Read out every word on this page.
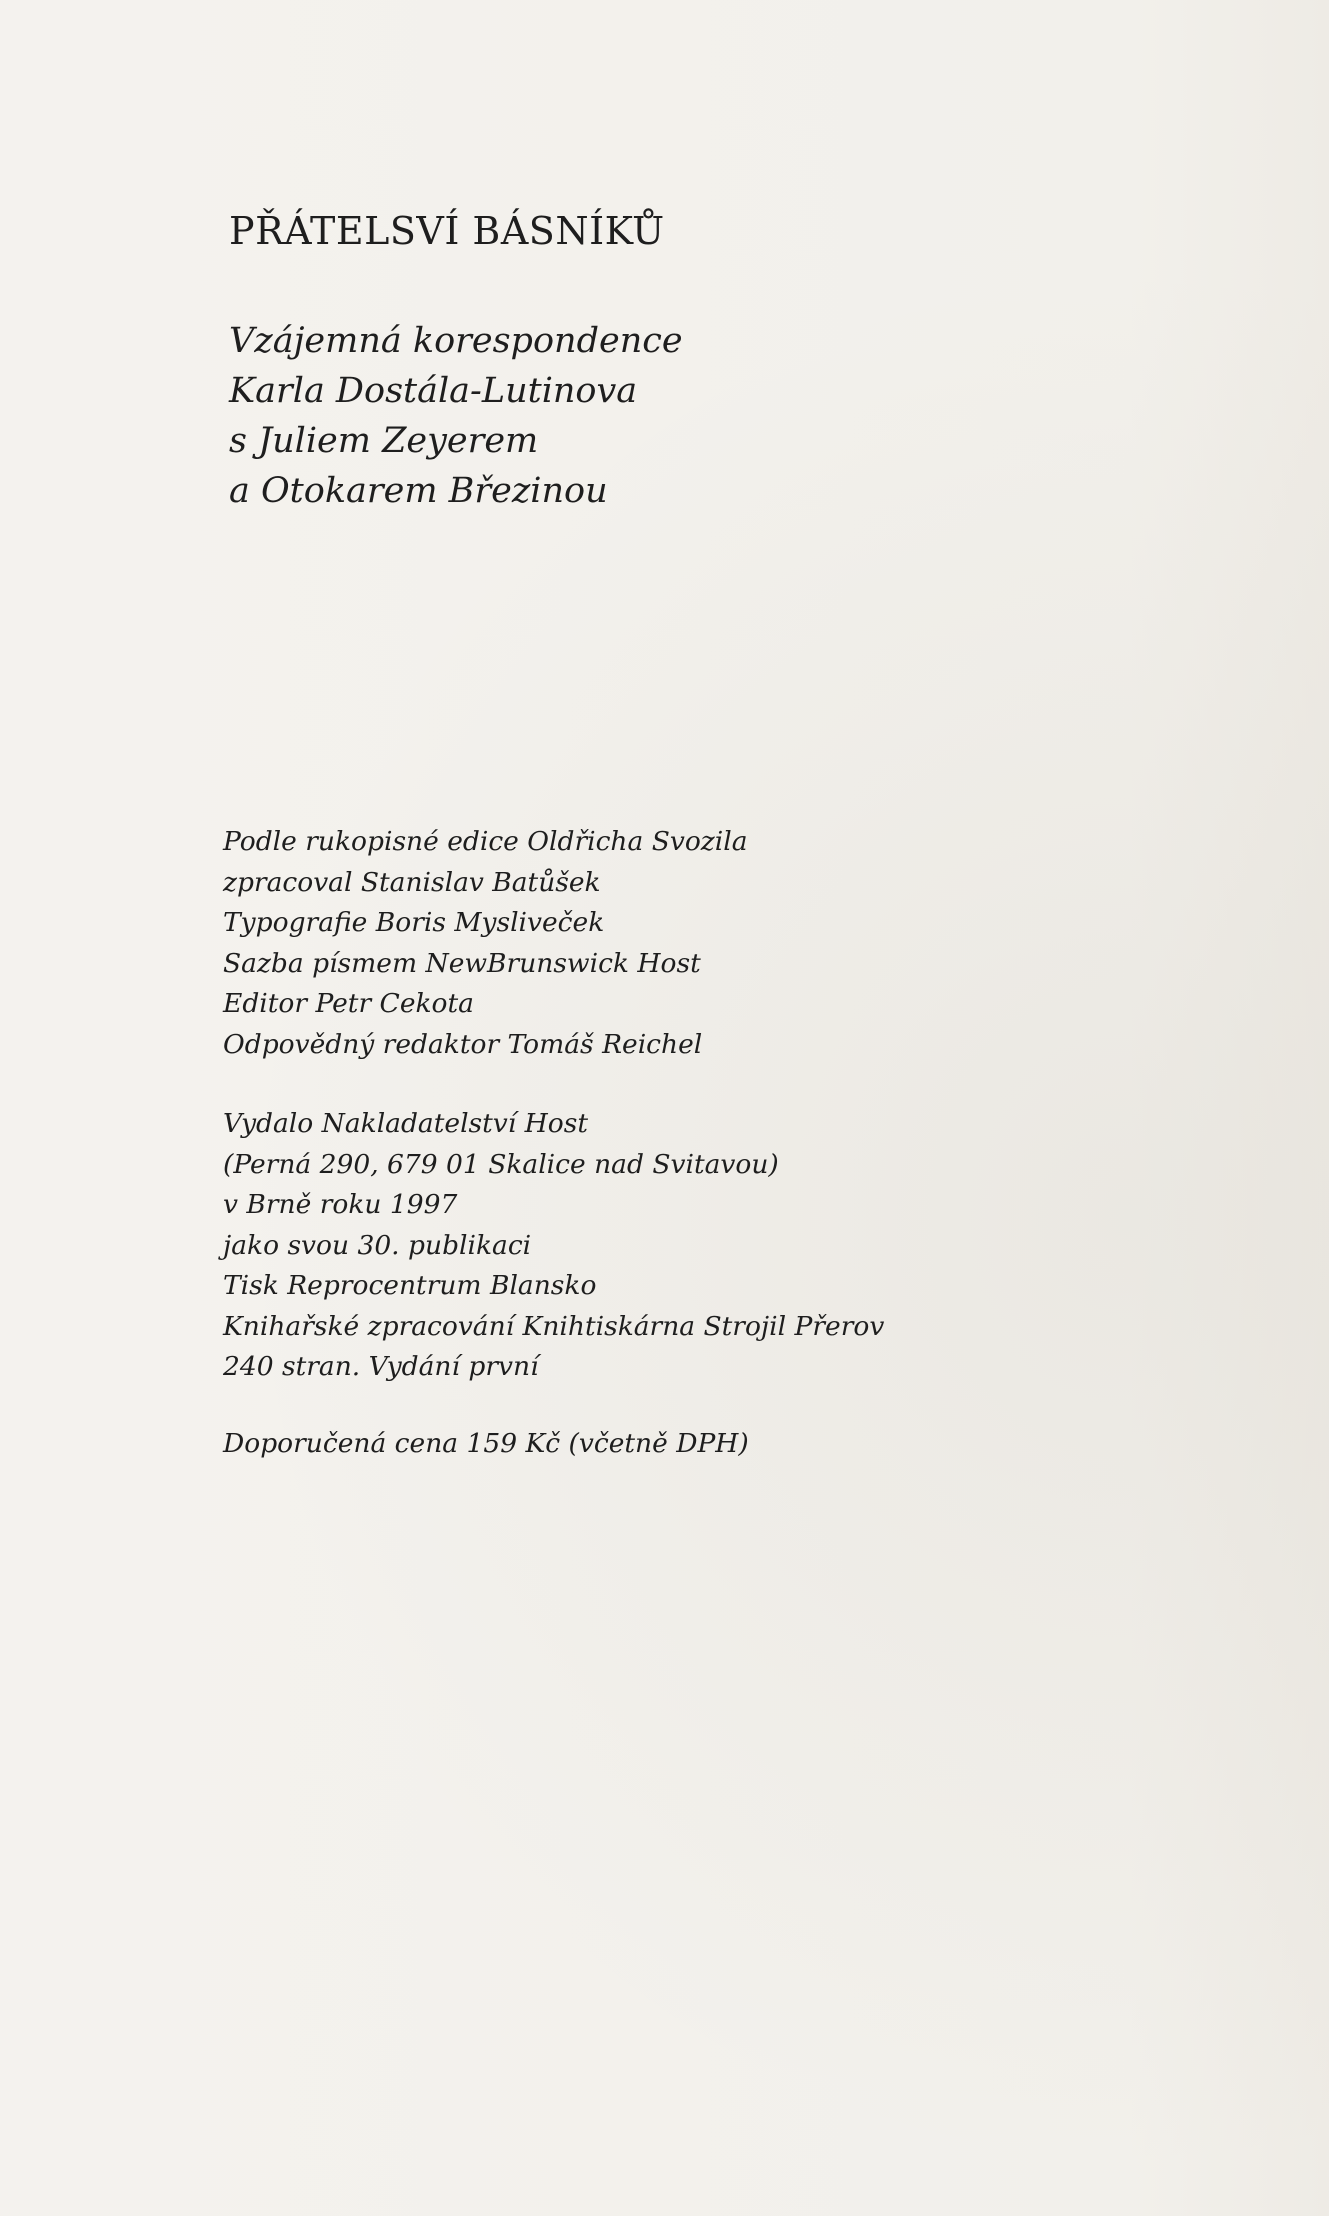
PŘÁTELSVÍ BÁSNÍKŮ
Vzájemná korespondence
Karla Dostála-Lutinova
s Juliem Zeyerem
a Otokarem Březinou
Podle rukopisné edice Oldřicha Svozila
zpracoval Stanislav Batůšek
Typografie Boris Mysliveček
Sazba písmem NewBrunswick Host
Editor Petr Cekota
Odpovědný redaktor Tomáš Reichel
Vydalo Nakladatelství Host
(Perná 290, 679 01 Skalice nad Svitavou)
v Brně roku 1997
jako svou 30. publikaci
Tisk Reprocentrum Blansko
Knihařské zpracování Knihtiskárna Strojil Přerov
240 stran. Vydání první
Doporučená cena 159 Kč (včetně DPH)
